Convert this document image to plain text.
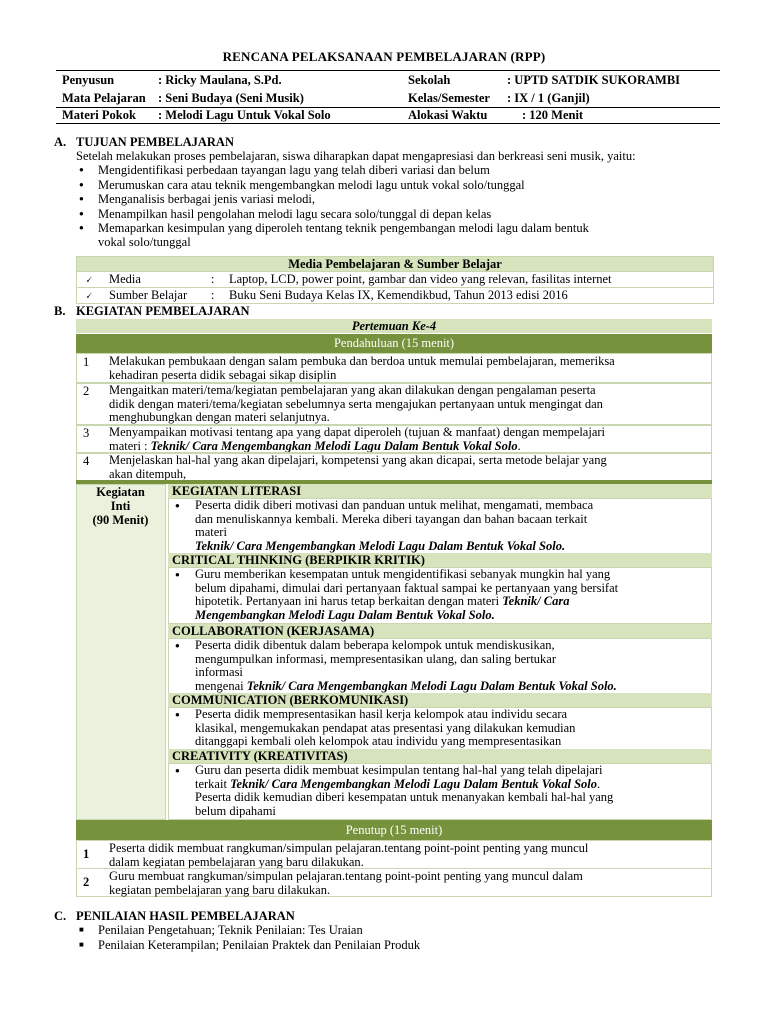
RENCANA PELAKSANAAN PEMBELAJARAN (RPP)
Penyusun	: Ricky Maulana, S.Pd.	Sekolah	: UPTD SATDIK SUKORAMBI
Mata Pelajaran : Seni Budaya (Seni Musik)	Kelas/Semester : IX / 1 (Ganjil)
Materi Pokok : Melodi Lagu Untuk Vokal Solo	Alokasi Waktu	: 120 Menit
A. TUJUAN PEMBELAJARAN
Setelah melakukan proses pembelajaran, siswa diharapkan dapat mengapresiasi dan berkreasi seni musik, yaitu:
● Mengidentifikasi perbedaan tayangan lagu yang telah diberi variasi dan belum
● Merumuskan cara atau teknik mengembangkan melodi lagu untuk vokal solo/tunggal
● Menganalisis berbagai jenis variasi melodi,
● Menampilkan hasil pengolahan melodi lagu secara solo/tunggal di depan kelas
● Memaparkan kesimpulan yang diperoleh tentang teknik pengembangan melodi lagu dalam bentuk
vokal solo/tunggal
Media Pembelajaran & Sumber Belajar
🗸 Media	: Laptop, LCD, power point, gambar dan video yang relevan, fasilitas internet
🗸 Sumber Belajar : Buku Seni Budaya Kelas IX, Kemendikbud, Tahun 2013 edisi 2016
B. KEGIATAN PEMBELAJARAN
Pertemuan Ke-4
Pendahuluan (15 menit)
1 Melakukan pembukaan dengan salam pembuka dan berdoa untuk memulai pembelajaran, memeriksa
kehadiran peserta didik sebagai sikap disiplin
2 Mengaitkan materi/tema/kegiatan pembelajaran yang akan dilakukan dengan pengalaman peserta
didik dengan materi/tema/kegiatan sebelumnya serta mengajukan pertanyaan untuk mengingat dan
menghubungkan dengan materi selanjutnya.
3 Menyampaikan motivasi tentang apa yang dapat diperoleh (tujuan & manfaat) dengan mempelajari
materi : Teknik/ Cara Mengembangkan Melodi Lagu Dalam Bentuk Vokal Solo.
4 Menjelaskan hal-hal yang akan dipelajari, kompetensi yang akan dicapai, serta metode belajar yang
akan ditempuh,
Kegiatan
Inti
(90 Menit)
KEGIATAN LITERASI
● Peserta didik diberi motivasi dan panduan untuk melihat, mengamati, membaca
dan menuliskannya kembali. Mereka diberi tayangan dan bahan bacaan terkait
materi
Teknik/ Cara Mengembangkan Melodi Lagu Dalam Bentuk Vokal Solo.
CRITICAL THINKING (BERPIKIR KRITIK)
● Guru memberikan kesempatan untuk mengidentifikasi sebanyak mungkin hal yang
belum dipahami, dimulai dari pertanyaan faktual sampai ke pertanyaan yang bersifat
hipotetik. Pertanyaan ini harus tetap berkaitan dengan materi Teknik/ Cara
Mengembangkan Melodi Lagu Dalam Bentuk Vokal Solo.
COLLABORATION (KERJASAMA)
● Peserta didik dibentuk dalam beberapa kelompok untuk mendiskusikan,
mengumpulkan informasi, mempresentasikan ulang, dan saling bertukar
informasi
mengenai Teknik/ Cara Mengembangkan Melodi Lagu Dalam Bentuk Vokal Solo.
COMMUNICATION (BERKOMUNIKASI)
● Peserta didik mempresentasikan hasil kerja kelompok atau individu secara
klasikal, mengemukakan pendapat atas presentasi yang dilakukan kemudian
ditanggapi kembali oleh kelompok atau individu yang mempresentasikan
CREATIVITY (KREATIVITAS)
● Guru dan peserta didik membuat kesimpulan tentang hal-hal yang telah dipelajari
terkait Teknik/ Cara Mengembangkan Melodi Lagu Dalam Bentuk Vokal Solo.
Peserta didik kemudian diberi kesempatan untuk menanyakan kembali hal-hal yang
belum dipahami
Penutup (15 menit)
1 Peserta didik membuat rangkuman/simpulan pelajaran.tentang point-point penting yang muncul
dalam kegiatan pembelajaran yang baru dilakukan.
2 Guru membuat rangkuman/simpulan pelajaran.tentang point-point penting yang muncul dalam
kegiatan pembelajaran yang baru dilakukan.
C. PENILAIAN HASIL PEMBELAJARAN
■ Penilaian Pengetahuan; Teknik Penilaian: Tes Uraian
■ Penilaian Keterampilan; Penilaian Praktek dan Penilaian Produk
